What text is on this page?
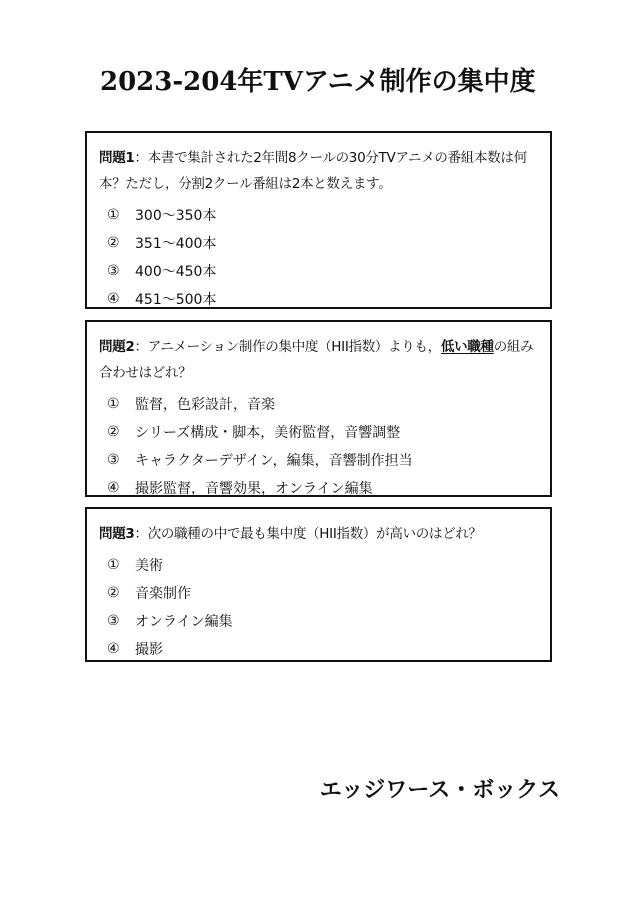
2023-204年TVアニメ制作の集中度
問題1：本書で集計された2年間8クールの30分TVアニメの番組本数は何本？ただし，分割2クール番組は2本と数えます。
①	300～350本
②	351～400本
③	400～450本
④	451～500本
問題2：アニメーション制作の集中度（HII指数）よりも，低い職種の組み合わせはどれ？
①	監督，色彩設計，音楽
②	シリーズ構成・脚本，美術監督，音響調整
③	キャラクターデザイン，編集，音響制作担当
④	撮影監督，音響効果，オンライン編集
問題3：次の職種の中で最も集中度（HII指数）が高いのはどれ？
①	美術
②	音楽制作
③	オンライン編集
④	撮影
エッジワース・ボックス
